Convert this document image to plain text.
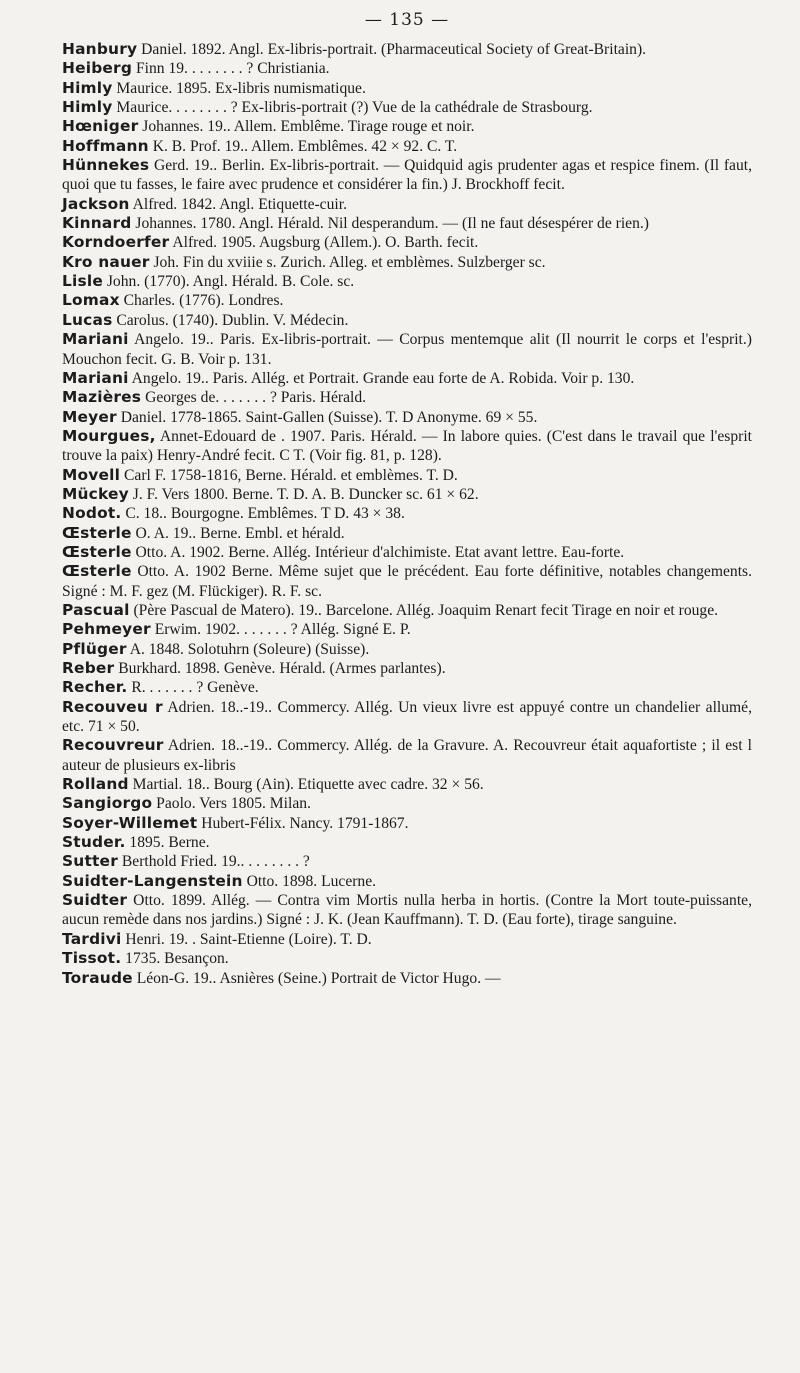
— 135 —

Hanbury Daniel. 1892. Angl. Ex-libris-portrait. (Pharmaceutical Society of Great-Britain).

Heiberg Finn 19. . . . . . . . ? Christiania.

Himly Maurice. 1895. Ex-libris numismatique.

Himly Maurice. . . . . . . . ? Ex-libris-portrait (?) Vue de la cathédrale de Strasbourg.

Hœniger Johannes. 19.. Allem. Emblême. Tirage rouge et noir.

Hoffmann K. B. Prof. 19.. Allem. Emblêmes. 42 × 92. C. T.

Hünnekes Gerd. 19.. Berlin. Ex-libris-portrait. — Quidquid agis prudenter agas et respice finem. (Il faut, quoi que tu fasses, le faire avec prudence et considérer la fin.) J. Brockhoff fecit.

Jackson Alfred. 1842. Angl. Etiquette-cuir.

Kinnard Johannes. 1780. Angl. Hérald. Nil desperandum. — (Il ne faut désespérer de rien.)

Korndoerfer Alfred. 1905. Augsburg (Allem.). O. Barth. fecit.

Kro nauer Joh. Fin du xviiie s. Zurich. Alleg. et emblèmes. Sulzberger sc.

Lisle John. (1770). Angl. Hérald. B. Cole. sc.

Lomax Charles. (1776). Londres.

Lucas Carolus. (1740). Dublin. V. Médecin.

Mariani Angelo. 19.. Paris. Ex-libris-portrait. — Corpus mentemque alit (Il nourrit le corps et l'esprit.) Mouchon fecit. G. B. Voir p. 131.

Mariani Angelo. 19.. Paris. Allég. et Portrait. Grande eau forte de A. Robida. Voir p. 130.

Mazières Georges de. . . . . . . ? Paris. Hérald.

Meyer Daniel. 1778-1865. Saint-Gallen (Suisse). T. D Anonyme. 69 × 55.

Mourgues, Annet-Edouard de . 1907. Paris. Hérald. — In labore quies. (C'est dans le travail que l'esprit trouve la paix) Henry-André fecit. C T. (Voir fig. 81, p. 128).

Movell Carl F. 1758-1816, Berne. Hérald. et emblèmes. T. D.

Mückey J. F. Vers 1800. Berne. T. D. A. B. Duncker sc. 61 × 62.

Nodot. C. 18.. Bourgogne. Emblêmes. T D. 43 × 38.

Œsterle O. A. 19.. Berne. Embl. et hérald.

Œsterle Otto. A. 1902. Berne. Allég. Intérieur d'alchimiste. Etat avant lettre. Eau-forte.

Œsterle Otto. A. 1902 Berne. Même sujet que le précédent. Eau forte définitive, notables changements. Signé : M. F. gez (M. Flückiger). R. F. sc.

Pascual (Père Pascual de Matero). 19.. Barcelone. Allég. Joaquim Renart fecit Tirage en noir et rouge.

Pehmeyer Erwim. 1902. . . . . . . ? Allég. Signé E. P.

Pflüger A. 1848. Solotuhrn (Soleure) (Suisse).

Reber Burkhard. 1898. Genève. Hérald. (Armes parlantes).

Recher. R. . . . . . . ? Genève.

Recouveu r Adrien. 18..-19.. Commercy. Allég. Un vieux livre est appuyé contre un chandelier allumé, etc. 71 × 50.

Recouvreur Adrien. 18..-19.. Commercy. Allég. de la Gravure. A. Recouvreur était aquafortiste ; il est l auteur de plusieurs ex-libris

Rolland Martial. 18.. Bourg (Ain). Etiquette avec cadre. 32 × 56.

Sangiorgo Paolo. Vers 1805. Milan.

Soyer-Willemet Hubert-Félix. Nancy. 1791-1867.

Studer. 1895. Berne.

Sutter Berthold Fried. 19.. . . . . . . . ?

Suidter-Langenstein Otto. 1898. Lucerne.

Suidter Otto. 1899. Allég. — Contra vim Mortis nulla herba in hortis. (Contre la Mort toute-puissante, aucun remède dans nos jardins.) Signé : J. K. (Jean Kauffmann). T. D. (Eau forte), tirage sanguine.

Tardivi Henri. 19. . Saint-Etienne (Loire). T. D.

Tissot. 1735. Besançon.

Toraude Léon-G. 19.. Asnières (Seine.) Portrait de Victor Hugo. —
